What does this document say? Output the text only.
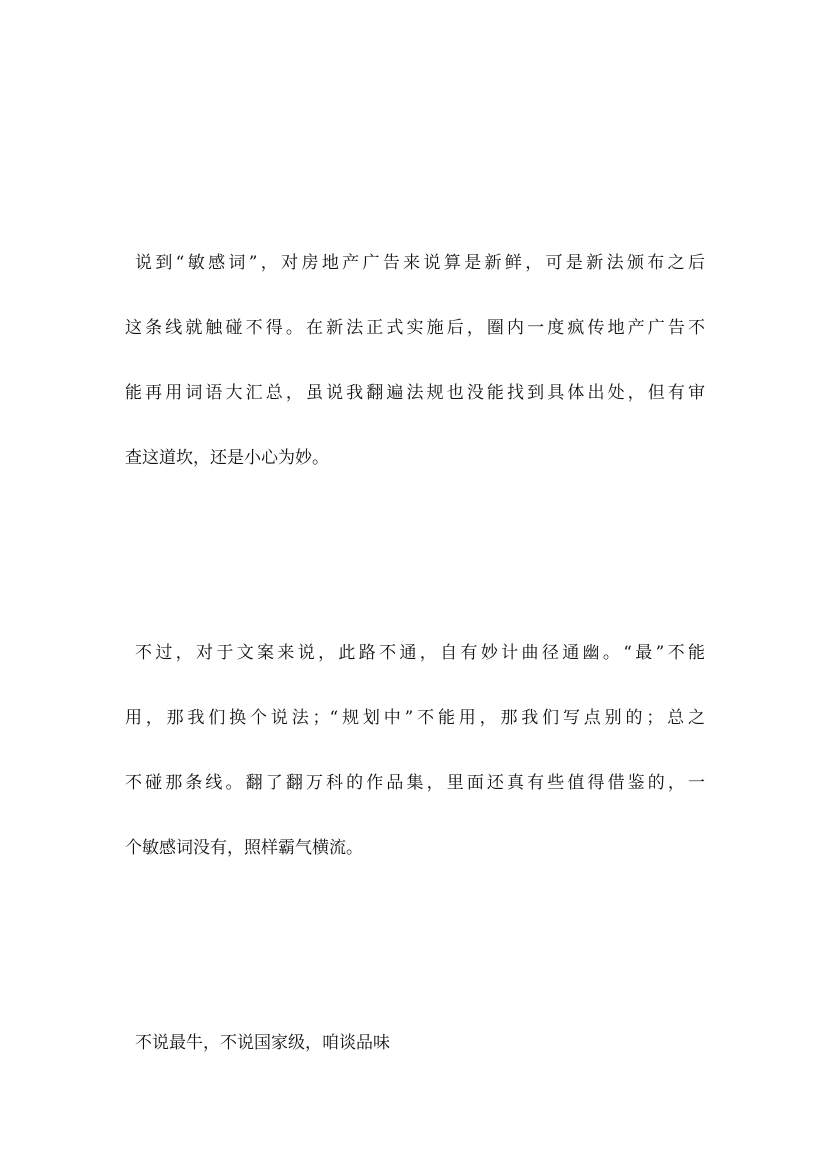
说到“敏感词”，对房地产广告来说算是新鲜，可是新法颁布之后
这条线就触碰不得。在新法正式实施后，圈内一度疯传地产广告不
能再用词语大汇总，虽说我翻遍法规也没能找到具体出处，但有审
查这道坎，还是小心为妙。
不过，对于文案来说，此路不通，自有妙计曲径通幽。“最”不能
用，那我们换个说法；“规划中”不能用，那我们写点别的；总之
不碰那条线。翻了翻万科的作品集，里面还真有些值得借鉴的，一
个敏感词没有，照样霸气横流。
不说最牛，不说国家级，咱谈品味
